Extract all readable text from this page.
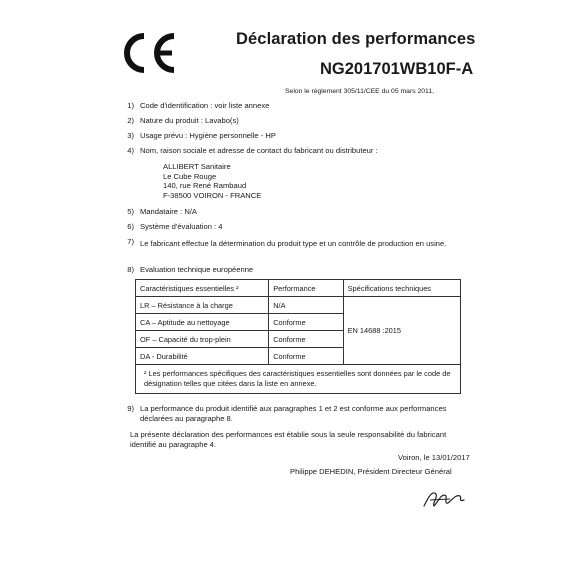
Déclaration des performances
NG201701WB10F-A
Selon le règlement 305/11/CEE du 05 mars 2011,
1) Code d'identification : voir liste annexe
2) Nature du produit : Lavabo(s)
3) Usage prévu : Hygiène personnelle - HP
4) Nom, raison sociale et adresse de contact du fabricant ou distributeur :
ALLIBERT Sanitaire
Le Cube Rouge
140, rue René Rambaud
F-38500 VOIRON - FRANCE
5) Mandataire : N/A
6) Système d'évaluation : 4
7) Le fabricant effectue la détermination du produit type et un contrôle de production en usine.
8) Evaluation technique européenne
Caractéristiques essentielles ²	Performance	Spécifications techniques
LR – Résistance à la charge	N/A	EN 14688 :2015
CA – Aptitude au nettoyage	Conforme	
OF – Capacité du trop-plein	Conforme	
DA - Durabilité	Conforme	
² Les performances spécifiques des caractéristiques essentielles sont données par le code de désignation telles que citées dans la liste en annexe.		
9) La performance du produit identifié aux paragraphes 1 et 2 est conforme aux performances déclarées au paragraphe 8.
La présente déclaration des performances est établie sous la seule responsabilité du fabricant identifié au paragraphe 4.
Voiron, le 13/01/2017
Philippe DEHEDIN, Président Directeur Général
